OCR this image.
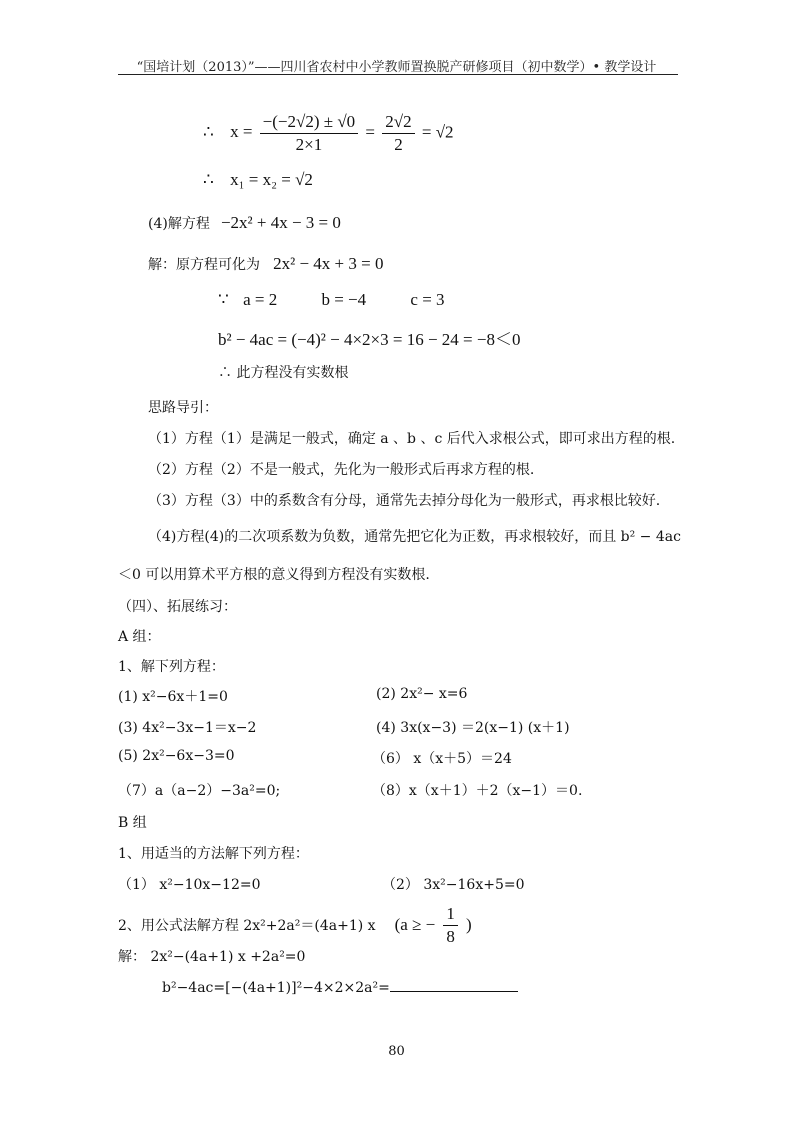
“国培计划（2013）”——四川省农村中小学教师置换脱产研修项目（初中数学）• 教学设计
∴ $x = \frac{-(-2√2) \pm √0}{2\times 1} = \frac{2√2}{2} = √2$
∴ x₁ = x₂ = √2
(4)解方程 −2x² + 4x − 3 = 0
解：原方程可化为 2x² − 4x + 3 = 0
∵ a = 2	b = −4	c = 3
b² − 4ac = (−4)² − 4×2×3 = 16 − 24 = −8＜0
∴ 此方程没有实数根
思路导引：
（1）方程（1）是满足一般式，确定 a 、b 、c 后代入求根公式，即可求出方程的根.
（2）方程（2）不是一般式，先化为一般形式后再求方程的根.
（3）方程（3）中的系数含有分母，通常先去掉分母化为一般形式，再求根比较好.
（4)方程(4)的二次项系数为负数，通常先把它化为正数，再求根较好，而且 b² − 4ac
＜0 可以用算术平方根的意义得到方程没有实数根.
（四）、拓展练习：
A 组：
1、解下列方程：
(1) x²−6x＋1=0	(2) 2x²− x=6
(3) 4x²−3x−1＝x−2	(4) 3x(x−3) ＝2(x−1) (x＋1)
(5) 2x²−6x−3=0	（6） x（x＋5）＝24
（7）a（a−2）−3a²=0;	（8）x（x＋1）＋2（x−1）＝0.
B 组
1、用适当的方法解下列方程：
（1） x²−10x−12=0	（2） 3x²−16x+5=0
2、用公式法解方程 2x²+2a²＝(4a+1) x (a ≥ − $\frac{1}{8}$ )
解： 2x²−(4a+1) x +2a²=0
b²−4ac=[−(4a+1)]²−4×2×2a²=
80
